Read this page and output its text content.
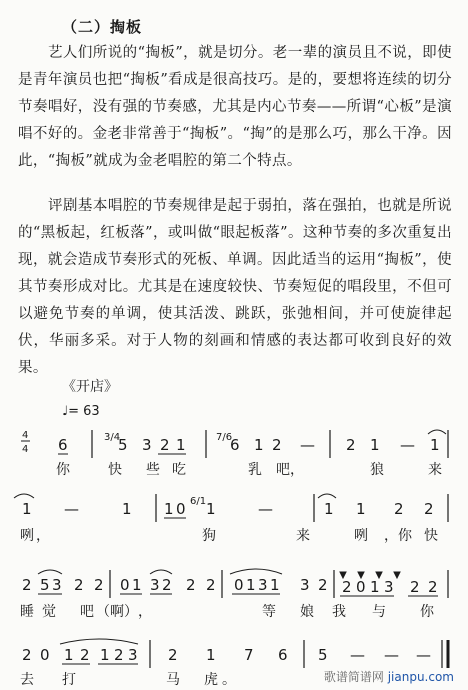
（二）掏板
艺人们所说的“掏板”，就是切分。老一辈的演员且不说，即使是青年演员也把“掏板”看成是很高技巧。是的，要想将连续的切分节奏唱好，没有强的节奏感，尤其是内心节奏——所谓“心板”是演唱不好的。金老非常善于“掏板”。“掏”的是那么巧，那么干净。因此，“掏板”就成为金老唱腔的第二个特点。
评剧基本唱腔的节奏规律是起于弱拍，落在强拍，也就是所说的“黑板起，红板落”，或叫做“眼起板落”。这种节奏的多次重复出现，就会造成节奏形式的死板、单调。因此适当的运用“掏板”，使其节奏形成对比。尤其是在速度较快、节奏短促的唱段里，不但可以避免节奏的单调，使其活泼、跳跃，张弛相间，并可使旋律起伏，华丽多采。对于人物的刻画和情感的表达都可收到良好的效果。
《开店》
♩= 63
4
4 6	3/4
5 3 2 1	7/6
6 1 2 — 2 1 — 1
你	快 些 吃	乳 吧 ，	狼	来
1 —	1 1 0 6/1 1	—	1 1 2 2
咧 ，	狗	来	咧 ，你 快
2 5 3 2 2 0 1 3 2 2 2 0 1 3 1 3 2 2 0 1 3 2 2
睡 觉 吧 （啊） ，	等 娘 我 与 你
2 0 1 2 1 2 3 2 1 7 6 5 — — —
去 打	马 虎 。	歌谱简谱网 jianpu.com
